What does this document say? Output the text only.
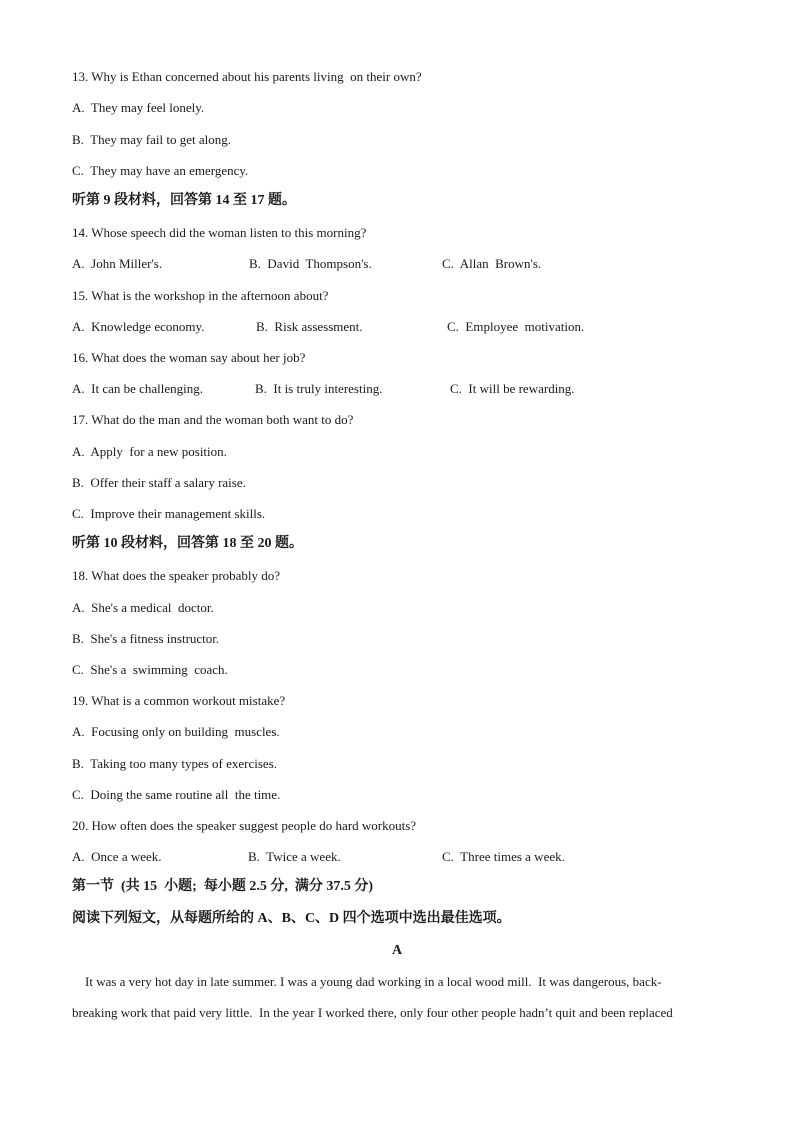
13. Why is Ethan concerned about his parents living  on their own?
A.  They may feel lonely.
B.  They may fail to get along.
C.  They may have an emergency.
听第 9 段材料，回答第 14 至 17 题。
14. Whose speech did the woman listen to this morning?
A.  John Miller's.	B.  David  Thompson's.	C.  Allan  Brown's.
15. What is the workshop in the afternoon about?
A.  Knowledge economy.	B.  Risk assessment.	C.  Employee  motivation.
16. What does the woman say about her job?
A.  It can be challenging.	B.  It is truly interesting.	C.  It will be rewarding.
17. What do the man and the woman both want to do?
A.  Apply  for a new position.
B.  Offer their staff a salary raise.
C.  Improve their management skills.
听第 10 段材料，回答第 18 至 20 题。
18. What does the speaker probably do?
A.  She's a medical  doctor.
B.  She's a fitness instructor.
C.  She's a  swimming  coach.
19. What is a common workout mistake?
A.  Focusing only on building  muscles.
B.  Taking too many types of exercises.
C.  Doing the same routine all  the time.
20. How often does the speaker suggest people do hard workouts?
A.  Once a week.	B.  Twice a week.	C.  Three times a week.
第一节  (共 15  小题;  每小题 2.5 分,  满分 37.5 分)
阅读下列短文，从每题所给的 A、B、C、D 四个选项中选出最佳选项。
A
It was a very hot day in late summer. I was a young dad working in a local wood mill.  It was dangerous, back-
breaking work that paid very little.  In the year I worked there, only four other people hadn’t quit and been replaced
